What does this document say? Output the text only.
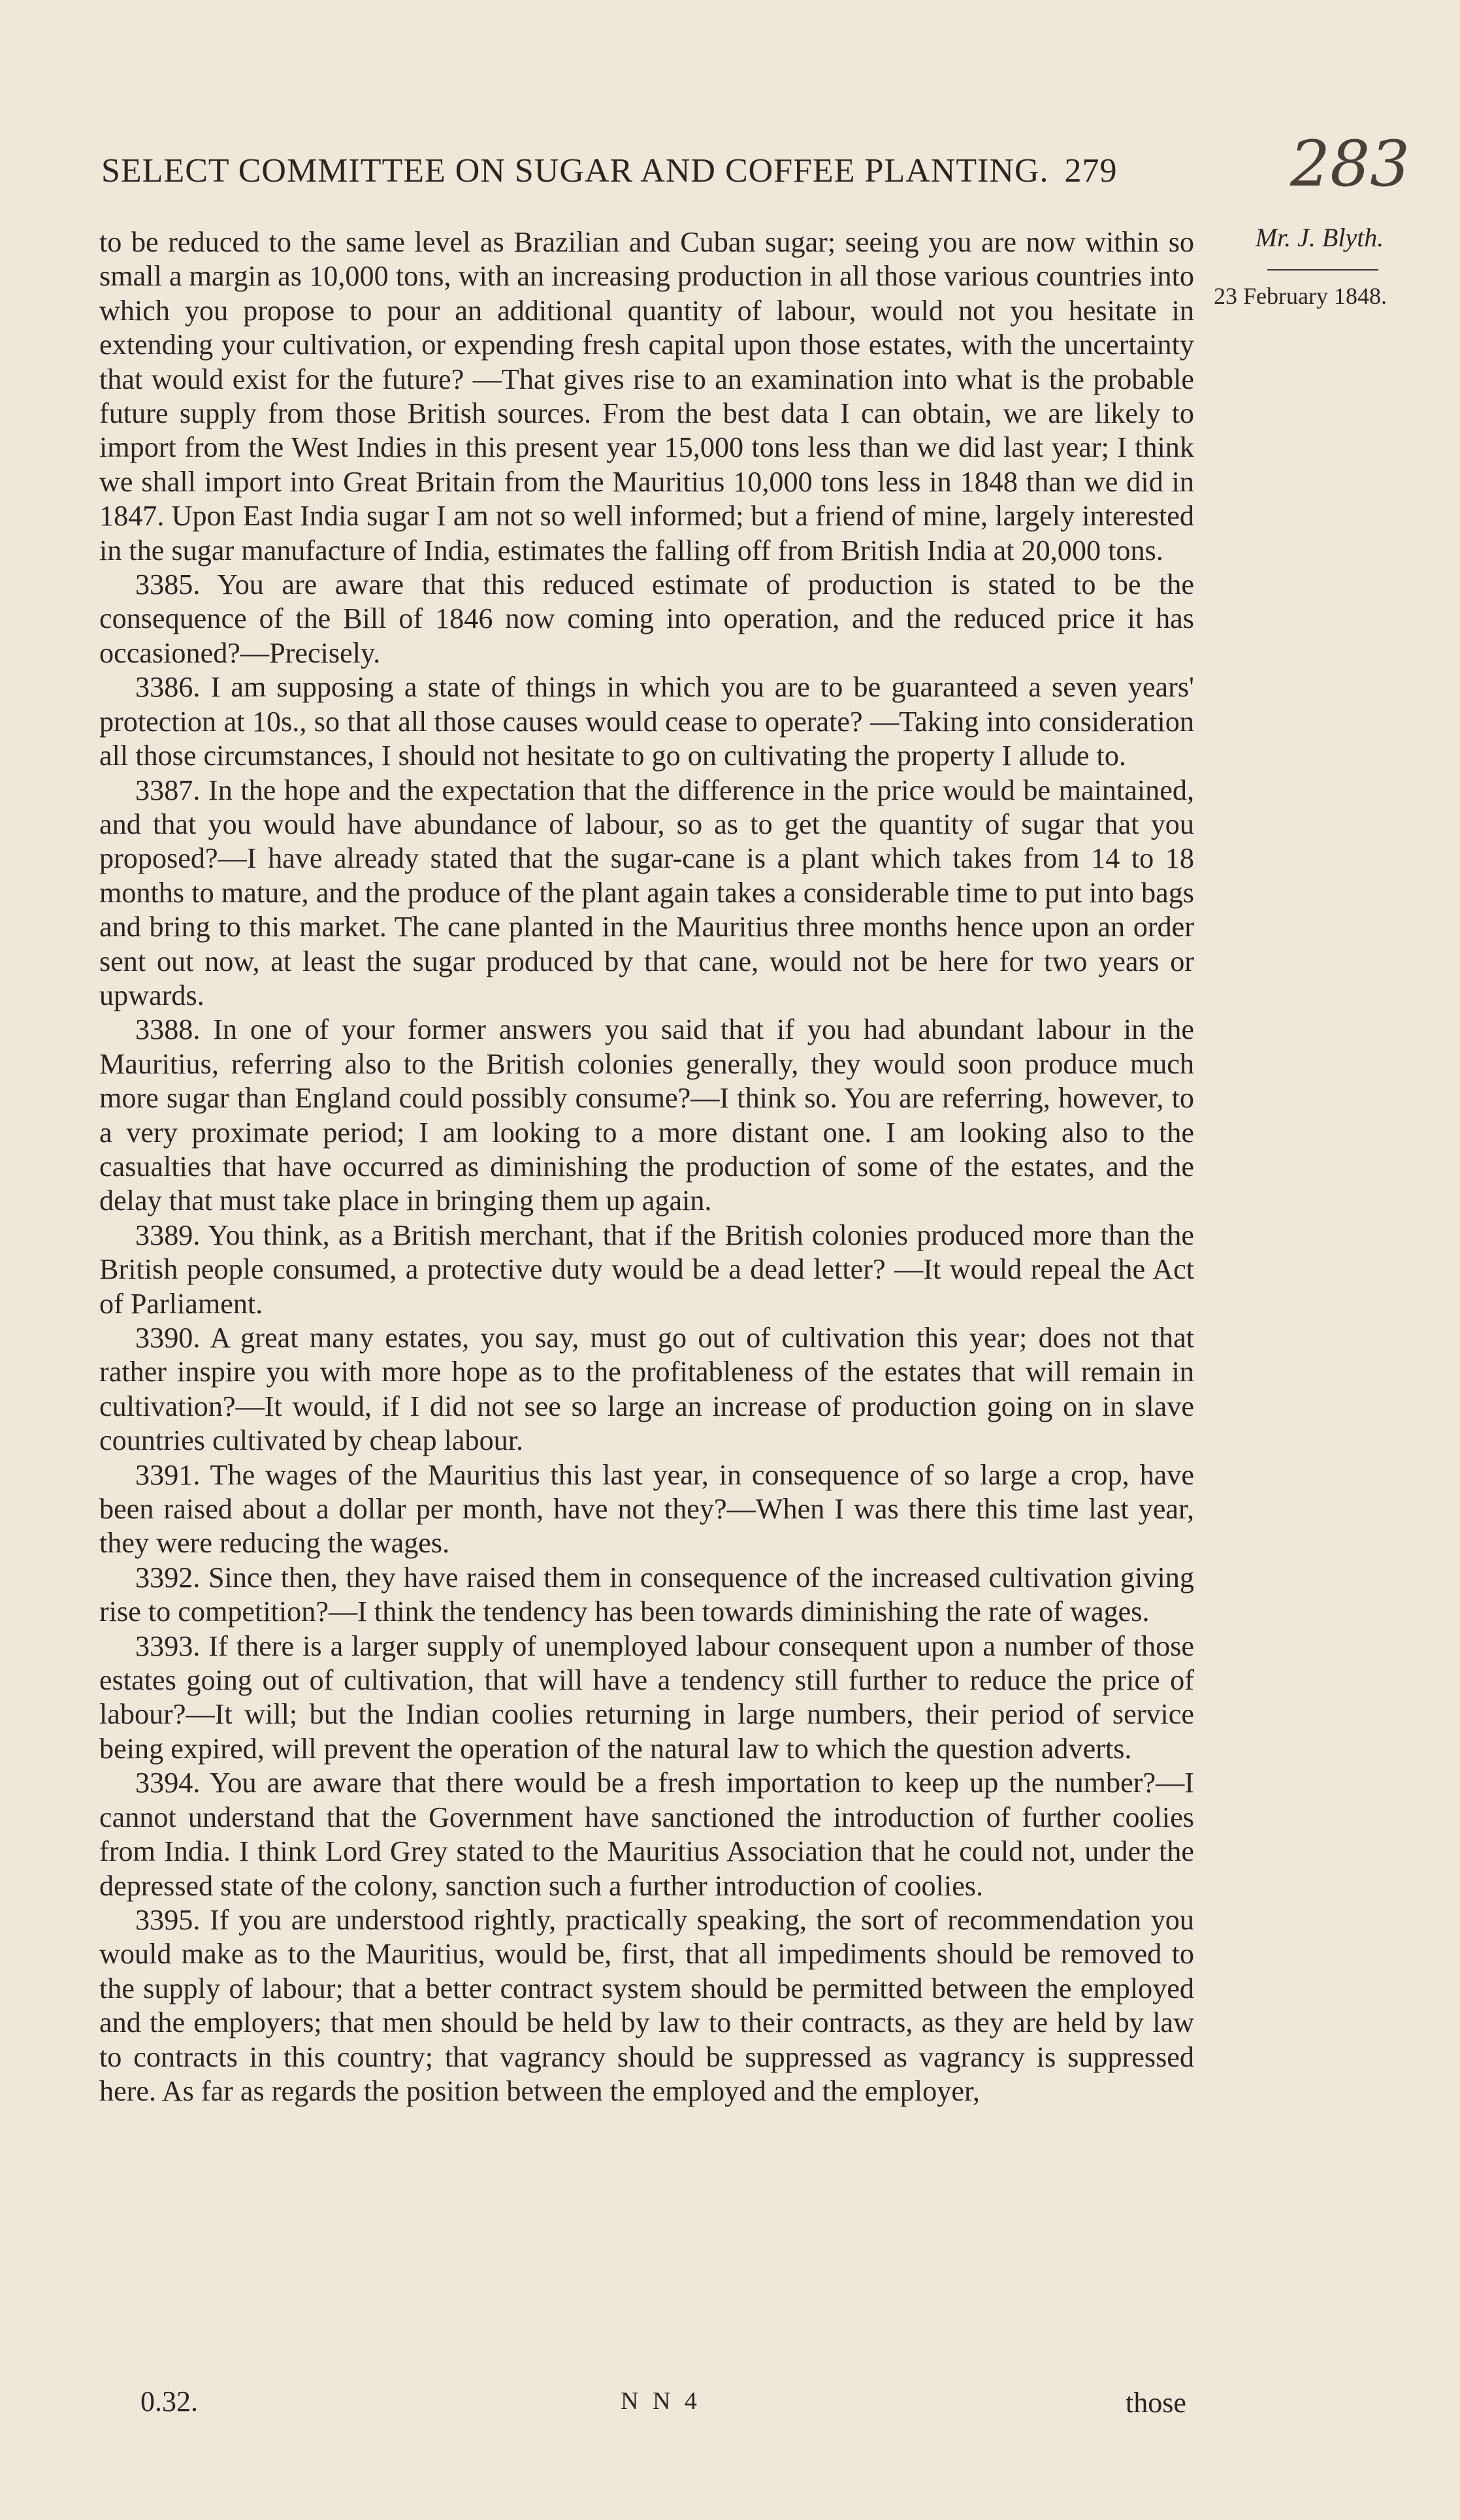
SELECT COMMITTEE ON SUGAR AND COFFEE PLANTING. 279	283
Mr. J. Blyth.
23 February 1848.

to be reduced to the same level as Brazilian and Cuban sugar; seeing you are now within so small a margin as 10,000 tons, with an increasing production in all those various countries into which you propose to pour an additional quantity of labour, would not you hesitate in extending your cultivation, or expending fresh capital upon those estates, with the uncertainty that would exist for the future? —That gives rise to an examination into what is the probable future supply from those British sources. From the best data I can obtain, we are likely to import from the West Indies in this present year 15,000 tons less than we did last year; I think we shall import into Great Britain from the Mauritius 10,000 tons less in 1848 than we did in 1847. Upon East India sugar I am not so well informed; but a friend of mine, largely interested in the sugar manufacture of India, estimates the falling off from British India at 20,000 tons.

3385. You are aware that this reduced estimate of production is stated to be the consequence of the Bill of 1846 now coming into operation, and the reduced price it has occasioned?—Precisely.

3386. I am supposing a state of things in which you are to be guaranteed a seven years' protection at 10s., so that all those causes would cease to operate? —Taking into consideration all those circumstances, I should not hesitate to go on cultivating the property I allude to.

3387. In the hope and the expectation that the difference in the price would be maintained, and that you would have abundance of labour, so as to get the quantity of sugar that you proposed?—I have already stated that the sugar-cane is a plant which takes from 14 to 18 months to mature, and the produce of the plant again takes a considerable time to put into bags and bring to this market. The cane planted in the Mauritius three months hence upon an order sent out now, at least the sugar produced by that cane, would not be here for two years or upwards.

3388. In one of your former answers you said that if you had abundant labour in the Mauritius, referring also to the British colonies generally, they would soon produce much more sugar than England could possibly consume?—I think so. You are referring, however, to a very proximate period; I am looking to a more distant one. I am looking also to the casualties that have occurred as diminishing the production of some of the estates, and the delay that must take place in bringing them up again.

3389. You think, as a British merchant, that if the British colonies produced more than the British people consumed, a protective duty would be a dead letter? —It would repeal the Act of Parliament.

3390. A great many estates, you say, must go out of cultivation this year; does not that rather inspire you with more hope as to the profitableness of the estates that will remain in cultivation?—It would, if I did not see so large an increase of production going on in slave countries cultivated by cheap labour.

3391. The wages of the Mauritius this last year, in consequence of so large a crop, have been raised about a dollar per month, have not they?—When I was there this time last year, they were reducing the wages.

3392. Since then, they have raised them in consequence of the increased cultivation giving rise to competition?—I think the tendency has been towards diminishing the rate of wages.

3393. If there is a larger supply of unemployed labour consequent upon a number of those estates going out of cultivation, that will have a tendency still further to reduce the price of labour?—It will; but the Indian coolies returning in large numbers, their period of service being expired, will prevent the operation of the natural law to which the question adverts.

3394. You are aware that there would be a fresh importation to keep up the number?—I cannot understand that the Government have sanctioned the introduction of further coolies from India. I think Lord Grey stated to the Mauritius Association that he could not, under the depressed state of the colony, sanction such a further introduction of coolies.

3395. If you are understood rightly, practically speaking, the sort of recommendation you would make as to the Mauritius, would be, first, that all impediments should be removed to the supply of labour; that a better contract system should be permitted between the employed and the employers; that men should be held by law to their contracts, as they are held by law to contracts in this country; that vagrancy should be suppressed as vagrancy is suppressed here. As far as regards the position between the employed and the employer,

0.32.	N N 4	those
